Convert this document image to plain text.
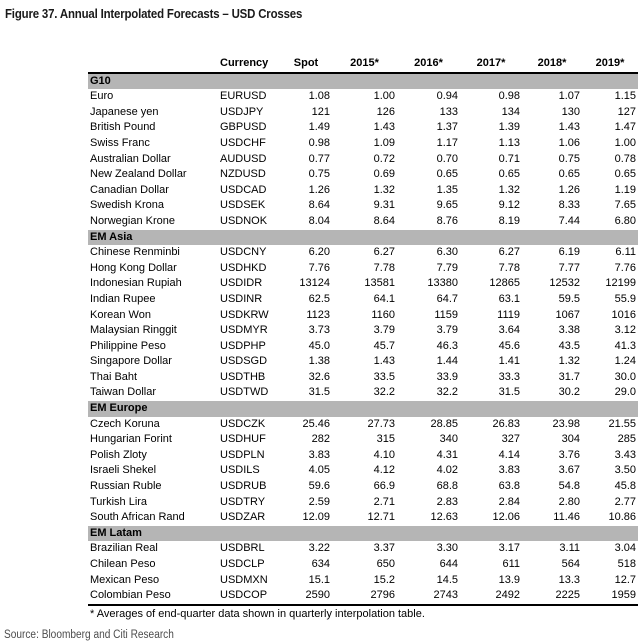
Figure 37. Annual Interpolated Forecasts – USD Crosses
	Currency	Spot	2015*	2016*	2017*	2018*	2019*
G10							
Euro	EURUSD	1.08	1.00	0.94	0.98	1.07	1.15
Japanese yen	USDJPY	121	126	133	134	130	127
British Pound	GBPUSD	1.49	1.43	1.37	1.39	1.43	1.47
Swiss Franc	USDCHF	0.98	1.09	1.17	1.13	1.06	1.00
Australian Dollar	AUDUSD	0.77	0.72	0.70	0.71	0.75	0.78
New Zealand Dollar	NZDUSD	0.75	0.69	0.65	0.65	0.65	0.65
Canadian Dollar	USDCAD	1.26	1.32	1.35	1.32	1.26	1.19
Swedish Krona	USDSEK	8.64	9.31	9.65	9.12	8.33	7.65
Norwegian Krone	USDNOK	8.04	8.64	8.76	8.19	7.44	6.80
EM Asia							
Chinese Renminbi	USDCNY	6.20	6.27	6.30	6.27	6.19	6.11
Hong Kong Dollar	USDHKD	7.76	7.78	7.79	7.78	7.77	7.76
Indonesian Rupiah	USDIDR	13124	13581	13380	12865	12532	12199
Indian Rupee	USDINR	62.5	64.1	64.7	63.1	59.5	55.9
Korean Won	USDKRW	1123	1160	1159	1119	1067	1016
Malaysian Ringgit	USDMYR	3.73	3.79	3.79	3.64	3.38	3.12
Philippine Peso	USDPHP	45.0	45.7	46.3	45.6	43.5	41.3
Singapore Dollar	USDSGD	1.38	1.43	1.44	1.41	1.32	1.24
Thai Baht	USDTHB	32.6	33.5	33.9	33.3	31.7	30.0
Taiwan Dollar	USDTWD	31.5	32.2	32.2	31.5	30.2	29.0
EM Europe							
Czech Koruna	USDCZK	25.46	27.73	28.85	26.83	23.98	21.55
Hungarian Forint	USDHUF	282	315	340	327	304	285
Polish Zloty	USDPLN	3.83	4.10	4.31	4.14	3.76	3.43
Israeli Shekel	USDILS	4.05	4.12	4.02	3.83	3.67	3.50
Russian Ruble	USDRUB	59.6	66.9	68.8	63.8	54.8	45.8
Turkish Lira	USDTRY	2.59	2.71	2.83	2.84	2.80	2.77
South African Rand	USDZAR	12.09	12.71	12.63	12.06	11.46	10.86
EM Latam							
Brazilian Real	USDBRL	3.22	3.37	3.30	3.17	3.11	3.04
Chilean Peso	USDCLP	634	650	644	611	564	518
Mexican Peso	USDMXN	15.1	15.2	14.5	13.9	13.3	12.7
Colombian Peso	USDCOP	2590	2796	2743	2492	2225	1959
* Averages of end-quarter data shown in quarterly interpolation table.
Source: Bloomberg and Citi Research
